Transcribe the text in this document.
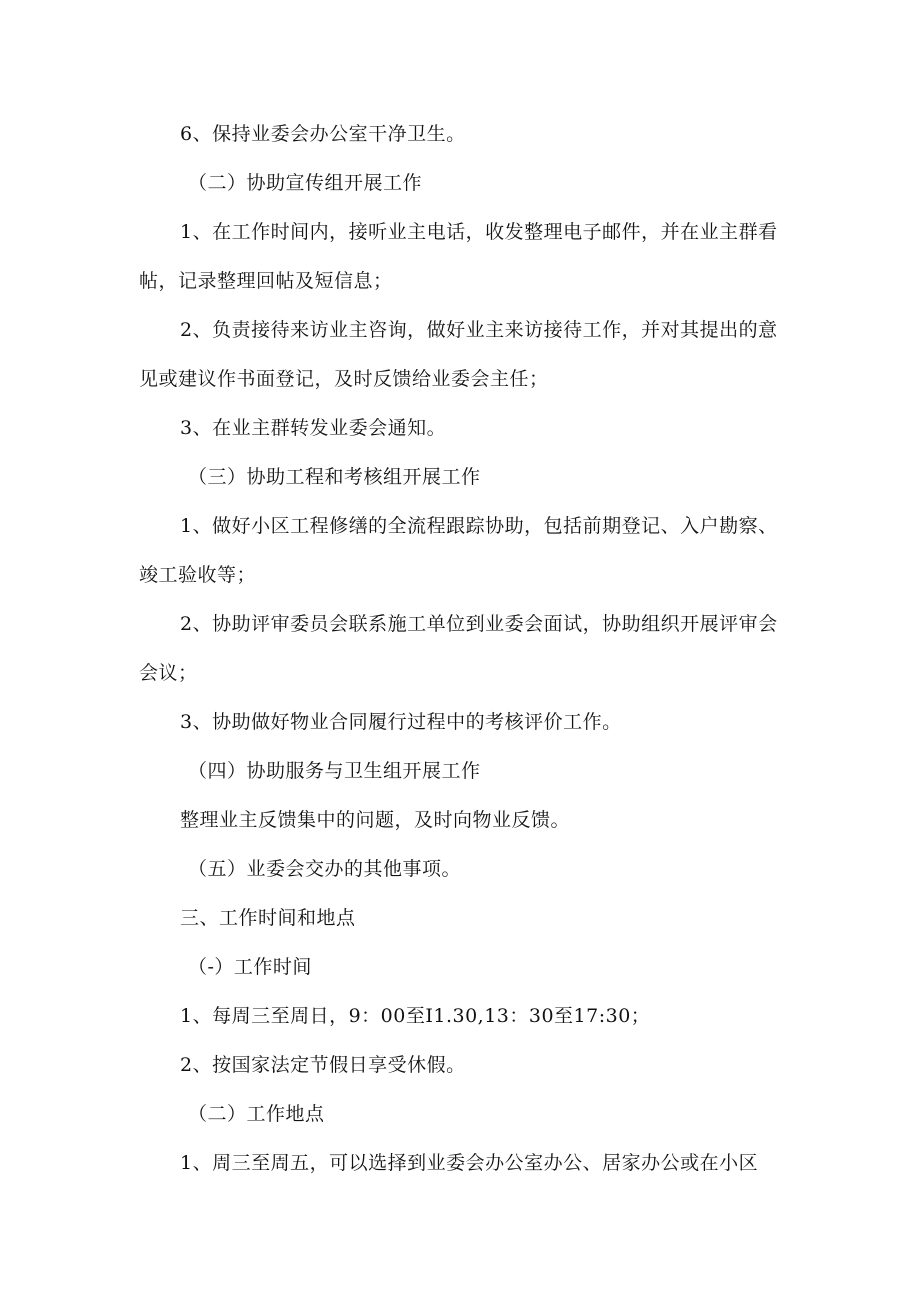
6、保持业委会办公室干净卫生。
（二）协助宣传组开展工作
1、在工作时间内，接听业主电话，收发整理电子邮件，并在业主群看
帖，记录整理回帖及短信息；
2、负责接待来访业主咨询，做好业主来访接待工作，并对其提出的意
见或建议作书面登记，及时反馈给业委会主任；
3、在业主群转发业委会通知。
（三）协助工程和考核组开展工作
1、做好小区工程修缮的全流程跟踪协助，包括前期登记、入户勘察、
竣工验收等；
2、协助评审委员会联系施工单位到业委会面试，协助组织开展评审会
会议；
3、协助做好物业合同履行过程中的考核评价工作。
（四）协助服务与卫生组开展工作
整理业主反馈集中的问题，及时向物业反馈。
（五）业委会交办的其他事项。
三、工作时间和地点
（-）工作时间
1、每周三至周日，9：00至I1.30,13：30至17:30；
2、按国家法定节假日享受休假。
（二）工作地点
1、周三至周五，可以选择到业委会办公室办公、居家办公或在小区
